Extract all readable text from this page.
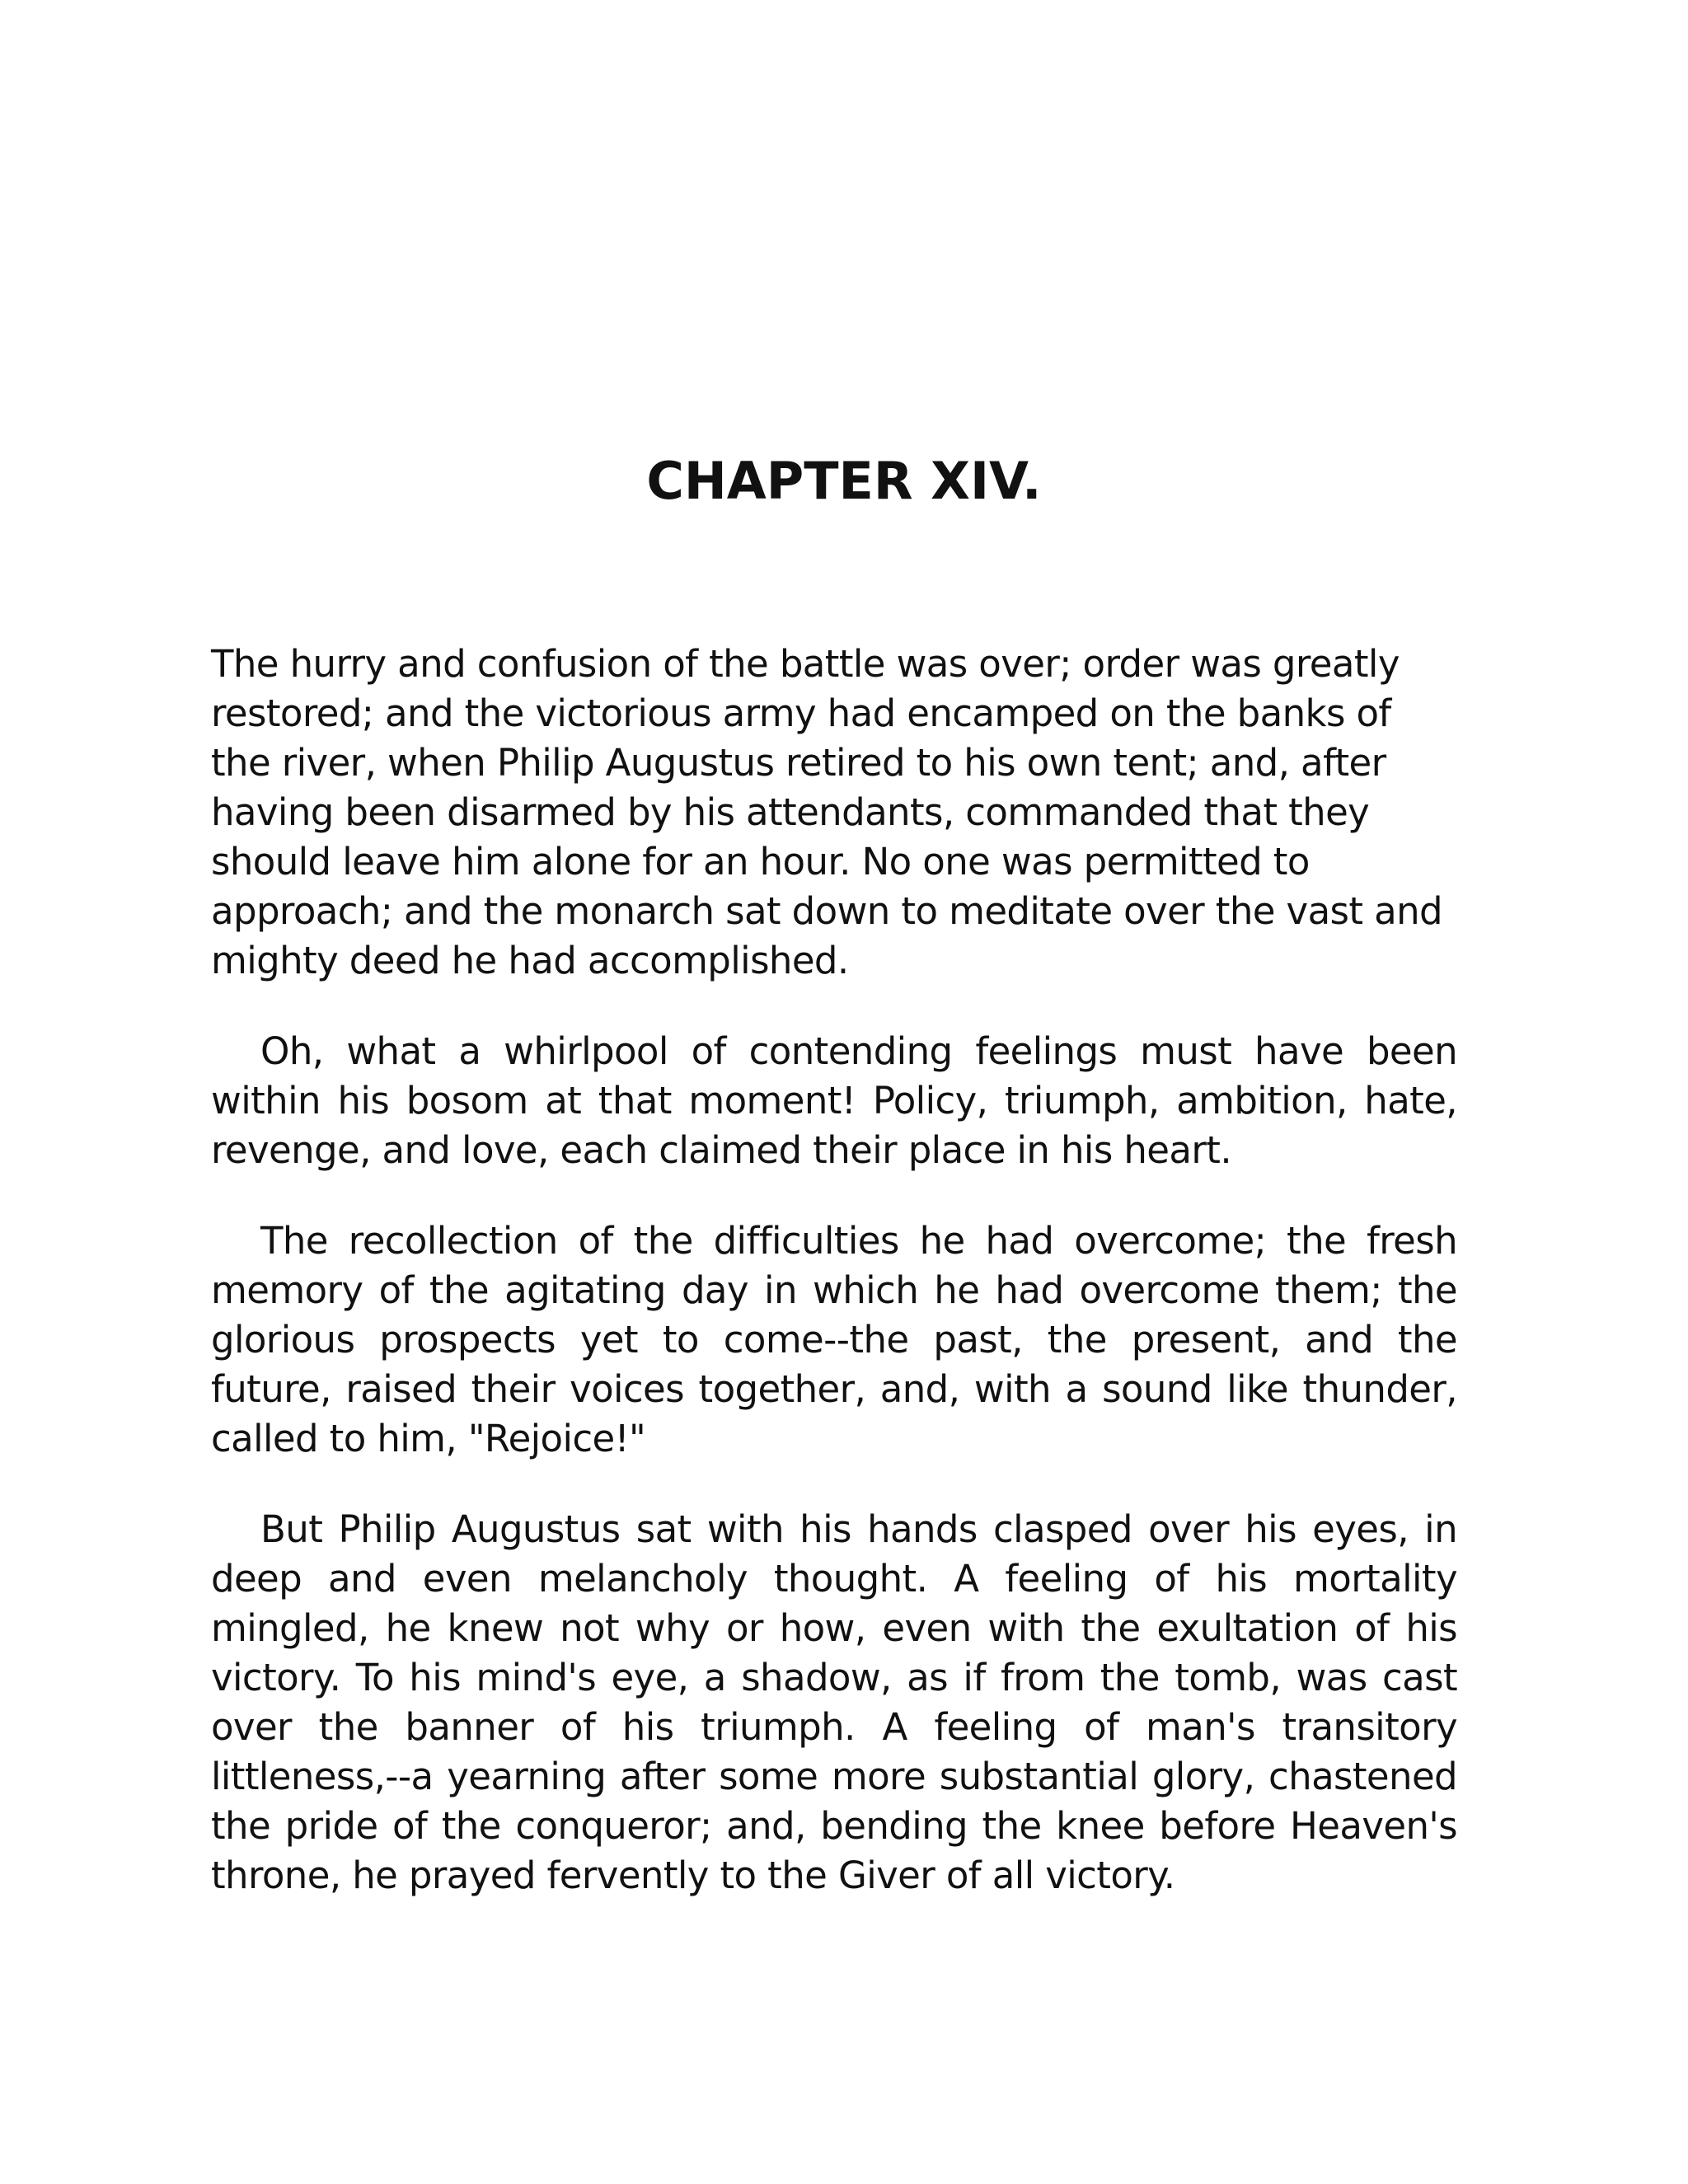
CHAPTER XIV.

The hurry and confusion of the battle was over; order was greatly restored; and the victorious army had encamped on the banks of the river, when Philip Augustus retired to his own tent; and, after having been disarmed by his attendants, commanded that they should leave him alone for an hour. No one was permitted to approach; and the monarch sat down to meditate over the vast and mighty deed he had accomplished.

Oh, what a whirlpool of contending feelings must have been within his bosom at that moment! Policy, triumph, ambition, hate, revenge, and love, each claimed their place in his heart.

The recollection of the difficulties he had overcome; the fresh memory of the agitating day in which he had overcome them; the glorious prospects yet to come--the past, the present, and the future, raised their voices together, and, with a sound like thunder, called to him, "Rejoice!"

But Philip Augustus sat with his hands clasped over his eyes, in deep and even melancholy thought. A feeling of his mortality mingled, he knew not why or how, even with the exultation of his victory. To his mind's eye, a shadow, as if from the tomb, was cast over the banner of his triumph. A feeling of man's transitory littleness,--a yearning after some more substantial glory, chastened the pride of the conqueror; and, bending the knee before Heaven's throne, he prayed fervently to the Giver of all victory.
